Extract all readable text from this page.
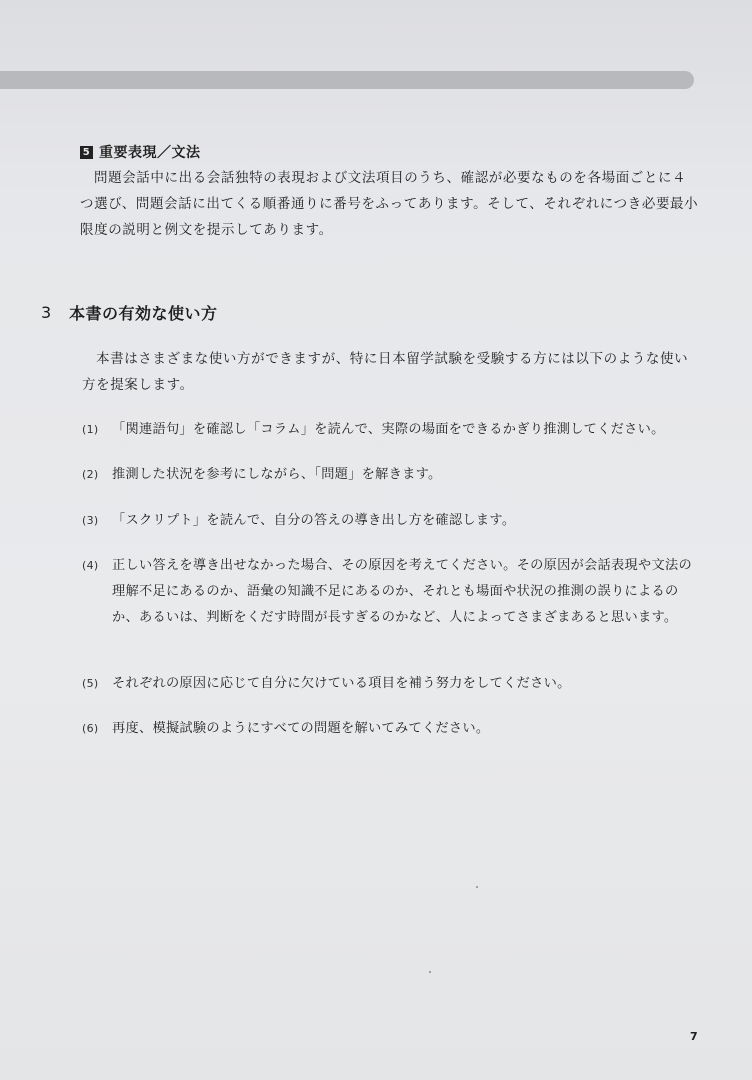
5 重要表現／文法
問題会話中に出る会話独特の表現および文法項目のうち、確認が必要なものを各場面ごとに４つ選び、問題会話に出てくる順番通りに番号をふってあります。そして、それぞれにつき必要最小限度の説明と例文を提示してあります。
3	本書の有効な使い方
本書はさまざまな使い方ができますが、特に日本留学試験を受験する方には以下のような使い方を提案します。
(1)	「関連語句」を確認し「コラム」を読んで、実際の場面をできるかぎり推測してください。
(2)	推測した状況を参考にしながら、「問題」を解きます。
(3)	「スクリプト」を読んで、自分の答えの導き出し方を確認します。
(4)	正しい答えを導き出せなかった場合、その原因を考えてください。その原因が会話表現や文法の理解不足にあるのか、語彙の知識不足にあるのか、それとも場面や状況の推測の誤りによるのか、あるいは、判断をくだす時間が長すぎるのかなど、人によってさまざまあると思います。
(5)	それぞれの原因に応じて自分に欠けている項目を補う努力をしてください。
(6)	再度、模擬試験のようにすべての問題を解いてみてください。
7
